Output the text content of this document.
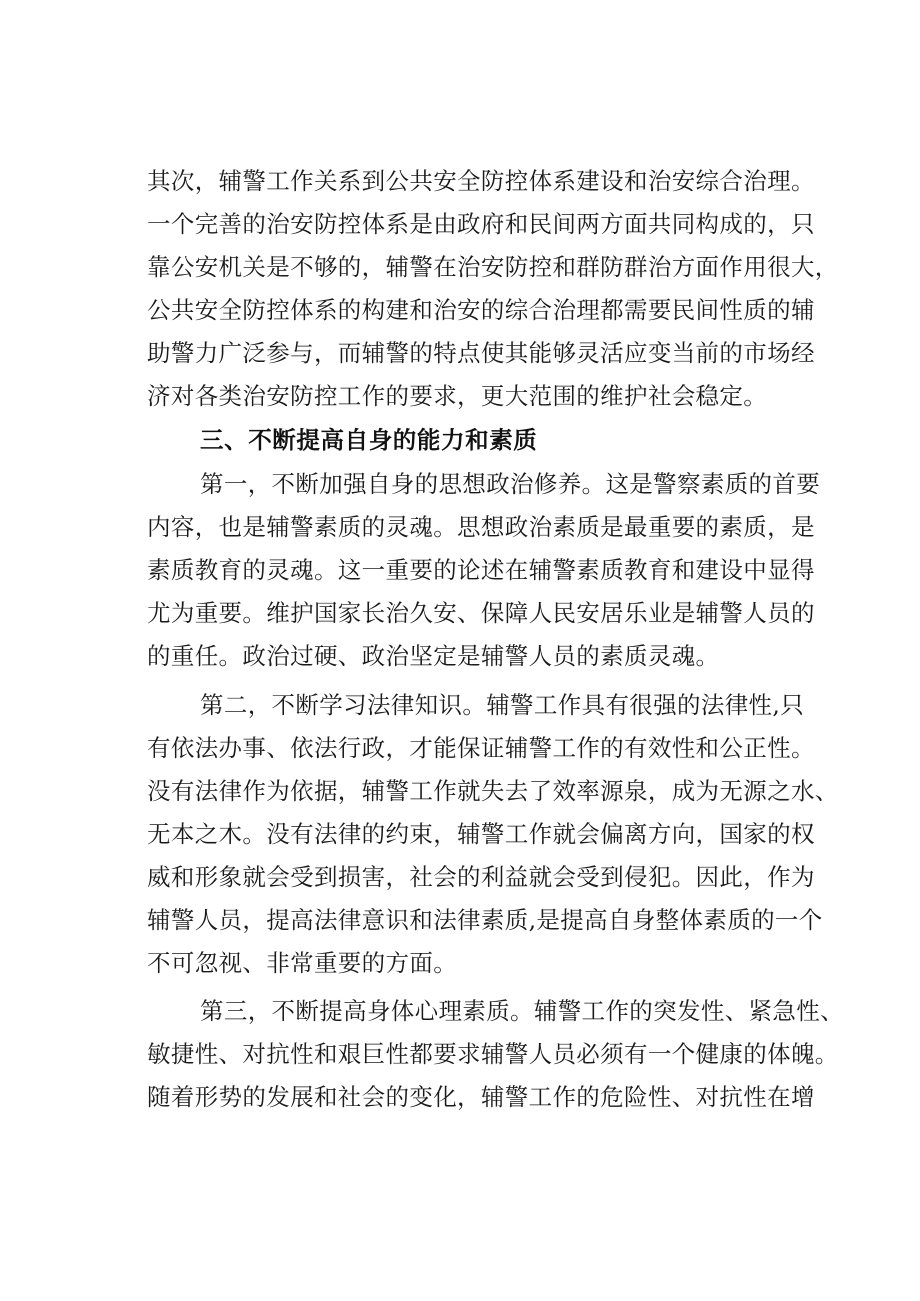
其次，辅警工作关系到公共安全防控体系建设和治安综合治理。
一个完善的治安防控体系是由政府和民间两方面共同构成的，只
靠公安机关是不够的，辅警在治安防控和群防群治方面作用很大，
公共安全防控体系的构建和治安的综合治理都需要民间性质的辅
助警力广泛参与，而辅警的特点使其能够灵活应变当前的市场经
济对各类治安防控工作的要求，更大范围的维护社会稳定。
三、不断提高自身的能力和素质
第一，不断加强自身的思想政治修养。这是警察素质的首要
内容，也是辅警素质的灵魂。思想政治素质是最重要的素质，是
素质教育的灵魂。这一重要的论述在辅警素质教育和建设中显得
尤为重要。维护国家长治久安、保障人民安居乐业是辅警人员的
的重任。政治过硬、政治坚定是辅警人员的素质灵魂。
第二，不断学习法律知识。辅警工作具有很强的法律性,只
有依法办事、依法行政，才能保证辅警工作的有效性和公正性。
没有法律作为依据，辅警工作就失去了效率源泉，成为无源之水、
无本之木。没有法律的约束，辅警工作就会偏离方向，国家的权
威和形象就会受到损害，社会的利益就会受到侵犯。因此，作为
辅警人员，提高法律意识和法律素质,是提高自身整体素质的一个
不可忽视、非常重要的方面。
第三，不断提高身体心理素质。辅警工作的突发性、紧急性、
敏捷性、对抗性和艰巨性都要求辅警人员必须有一个健康的体魄。
随着形势的发展和社会的变化，辅警工作的危险性、对抗性在增
